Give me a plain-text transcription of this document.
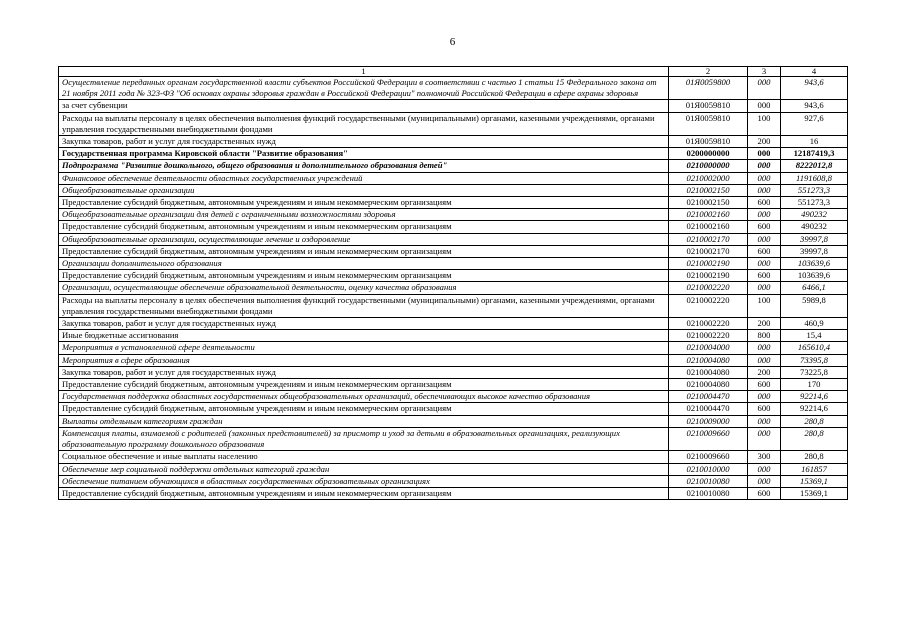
6
1	2	3	4
Осуществление переданных органам государственной власти субъектов Российской Федерации в соответствии с частью 1 статьи 15 Федерального закона от 21 ноября 2011 года № 323-ФЗ "Об основах охраны здоровья граждан в Российской Федерации" полномочий Российской Федерации в сфере охраны здоровья	01Я0059800	000	943,6
за счет субвенции	01Я0059810	000	943,6
Расходы на выплаты персоналу в целях обеспечения выполнения функций государственными (муниципальными) органами, казенными учреждениями, органами управления государственными внебюджетными фондами	01Я0059810	100	927,6
Закупка товаров, работ и услуг для государственных нужд	01Я0059810	200	16
Государственная программа Кировской области "Развитие образования"	0200000000	000	12187419,3
Подпрограмма "Развитие дошкольного, общего образования и дополнительного образования детей"	0210000000	000	8222012,8
Финансовое обеспечение деятельности областных государственных учреждений	0210002000	000	1191608,8
Общеобразовательные организации	0210002150	000	551273,3
Предоставление субсидий бюджетным, автономным учреждениям и иным некоммерческим организациям	0210002150	600	551273,3
Общеобразовательные организации для детей с ограниченными возможностями здоровья	0210002160	000	490232
Предоставление субсидий бюджетным, автономным учреждениям и иным некоммерческим организациям	0210002160	600	490232
Общеобразовательные организации, осуществляющие лечение и оздоровление	0210002170	000	39997,8
Предоставление субсидий бюджетным, автономным учреждениям и иным некоммерческим организациям	0210002170	600	39997,8
Организации дополнительного образования	0210002190	000	103639,6
Предоставление субсидий бюджетным, автономным учреждениям и иным некоммерческим организациям	0210002190	600	103639,6
Организации, осуществляющие обеспечение образовательной деятельности, оценку качества образования	0210002220	000	6466,1
Расходы на выплаты персоналу в целях обеспечения выполнения функций государственными (муниципальными) органами, казенными учреждениями, органами управления государственными внебюджетными фондами	0210002220	100	5989,8
Закупка товаров, работ и услуг для государственных нужд	0210002220	200	460,9
Иные бюджетные ассигнования	0210002220	800	15,4
Мероприятия в установленной сфере деятельности	0210004000	000	165610,4
Мероприятия в сфере образования	0210004080	000	73395,8
Закупка товаров, работ и услуг для государственных нужд	0210004080	200	73225,8
Предоставление субсидий бюджетным, автономным учреждениям и иным некоммерческим организациям	0210004080	600	170
Государственная поддержка областных государственных общеобразовательных организаций, обеспечивающих высокое качество образования	0210004470	000	92214,6
Предоставление субсидий бюджетным, автономным учреждениям и иным некоммерческим организациям	0210004470	600	92214,6
Выплаты отдельным категориям граждан	0210009000	000	280,8
Компенсация платы, взимаемой с родителей (законных представителей) за присмотр и уход за детьми в образовательных организациях, реализующих образовательную программу дошкольного образования	0210009660	000	280,8
Социальное обеспечение и иные выплаты населению	0210009660	300	280,8
Обеспечение мер социальной поддержки отдельных категорий граждан	0210010000	000	161857
Обеспечение питанием обучающихся в областных государственных образовательных организациях	0210010080	000	15369,1
Предоставление субсидий бюджетным, автономным учреждениям и иным некоммерческим организациям	0210010080	600	15369,1
